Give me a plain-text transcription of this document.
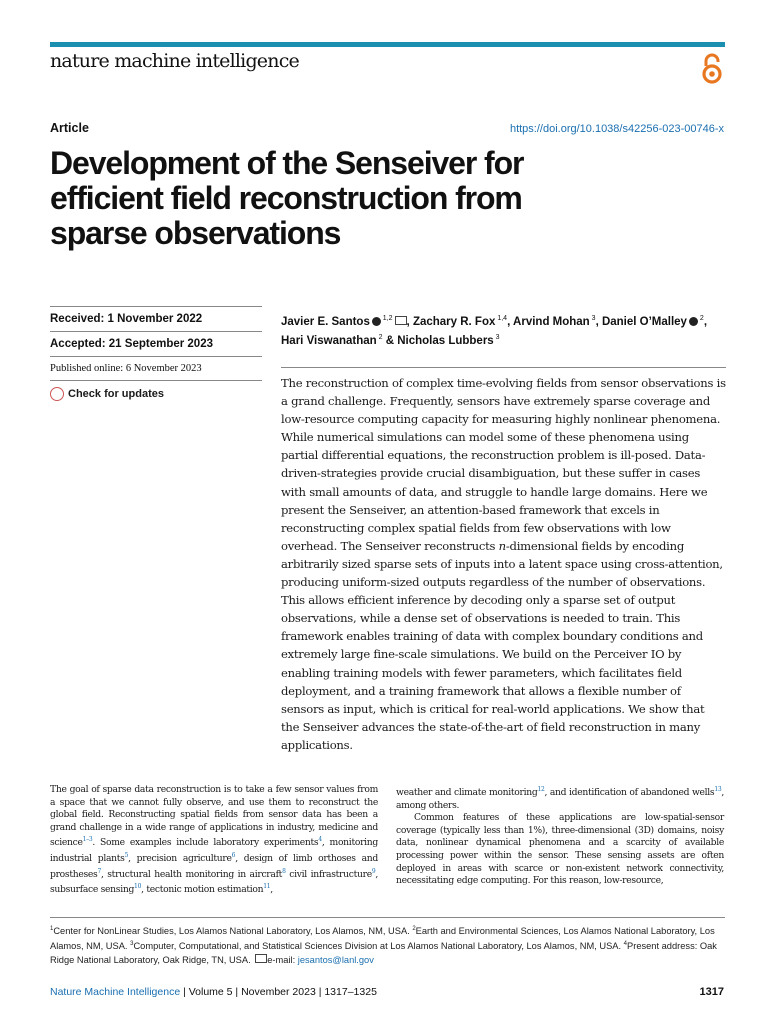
nature machine intelligence
Article	https://doi.org/10.1038/s42256-023-00746-x
Development of the Senseiver for efficient field reconstruction from sparse observations
Received: 1 November 2022
Accepted: 21 September 2023
Published online: 6 November 2023
Check for updates
Javier E. Santos $^{1,2}$ , Zachary R. Fox $^{1,4}$, Arvind Mohan $^3$, Daniel O’Malley $^2$,
Hari Viswanathan $^2$ & Nicholas Lubbers $^3$

The reconstruction of complex time-evolving fields from sensor observations is a grand challenge. Frequently, sensors have extremely sparse coverage and low-resource computing capacity for measuring highly nonlinear phenomena. While numerical simulations can model some of these phenomena using partial differential equations, the reconstruction problem is ill-posed. Data-driven-strategies provide crucial disambiguation, but these suffer in cases with small amounts of data, and struggle to handle large domains. Here we present the Senseiver, an attention-based framework that excels in reconstructing complex spatial fields from few observations with low overhead. The Senseiver reconstructs n-dimensional fields by encoding arbitrarily sized sparse sets of inputs into a latent space using cross-attention, producing uniform-sized outputs regardless of the number of observations. This allows efficient inference by decoding only a sparse set of output observations, while a dense set of observations is needed to train. This framework enables training of data with complex boundary conditions and extremely large fine-scale simulations. We build on the Perceiver IO by enabling training models with fewer parameters, which facilitates field deployment, and a training framework that allows a flexible number of sensors as input, which is critical for real-world applications. We show that the Senseiver advances the state-of-the-art of field reconstruction in many applications.

The goal of sparse data reconstruction is to take a few sensor values from a space that we cannot fully observe, and use them to reconstruct the global field. Reconstructing spatial fields from sensor data has been a grand challenge in a wide range of applications in industry, medicine and science$^{1-3}$. Some examples include laboratory experiments$^4$, monitoring industrial plants$^5$, precision agriculture$^6$, design of limb orthoses and prostheses$^7$, structural health monitoring in aircraft$^8$ civil infrastructure$^9$, subsurface sensing$^{10}$, tectonic motion estimation$^{11}$,

weather and climate monitoring$^{12}$, and identification of abandoned wells$^{13}$, among others.
Common features of these applications are low-spatial-sensor coverage (typically less than 1%), three-dimensional (3D) domains, noisy data, nonlinear dynamical phenomena and a scarcity of available processing power within the sensor. These sensing assets are often deployed in areas with scarce or non-existent network connectivity, necessitating edge computing. For this reason, low-resource,

$^1$Center for NonLinear Studies, Los Alamos National Laboratory, Los Alamos, NM, USA. $^2$Earth and Environmental Sciences, Los Alamos National Laboratory, Los Alamos, NM, USA. $^3$Computer, Computational, and Statistical Sciences Division at Los Alamos National Laboratory, Los Alamos, NM, USA. $^4$Present address: Oak Ridge National Laboratory, Oak Ridge, TN, USA. e-mail: jesantos@lanl.gov

Nature Machine Intelligence | Volume 5 | November 2023 | 1317–1325	1317
